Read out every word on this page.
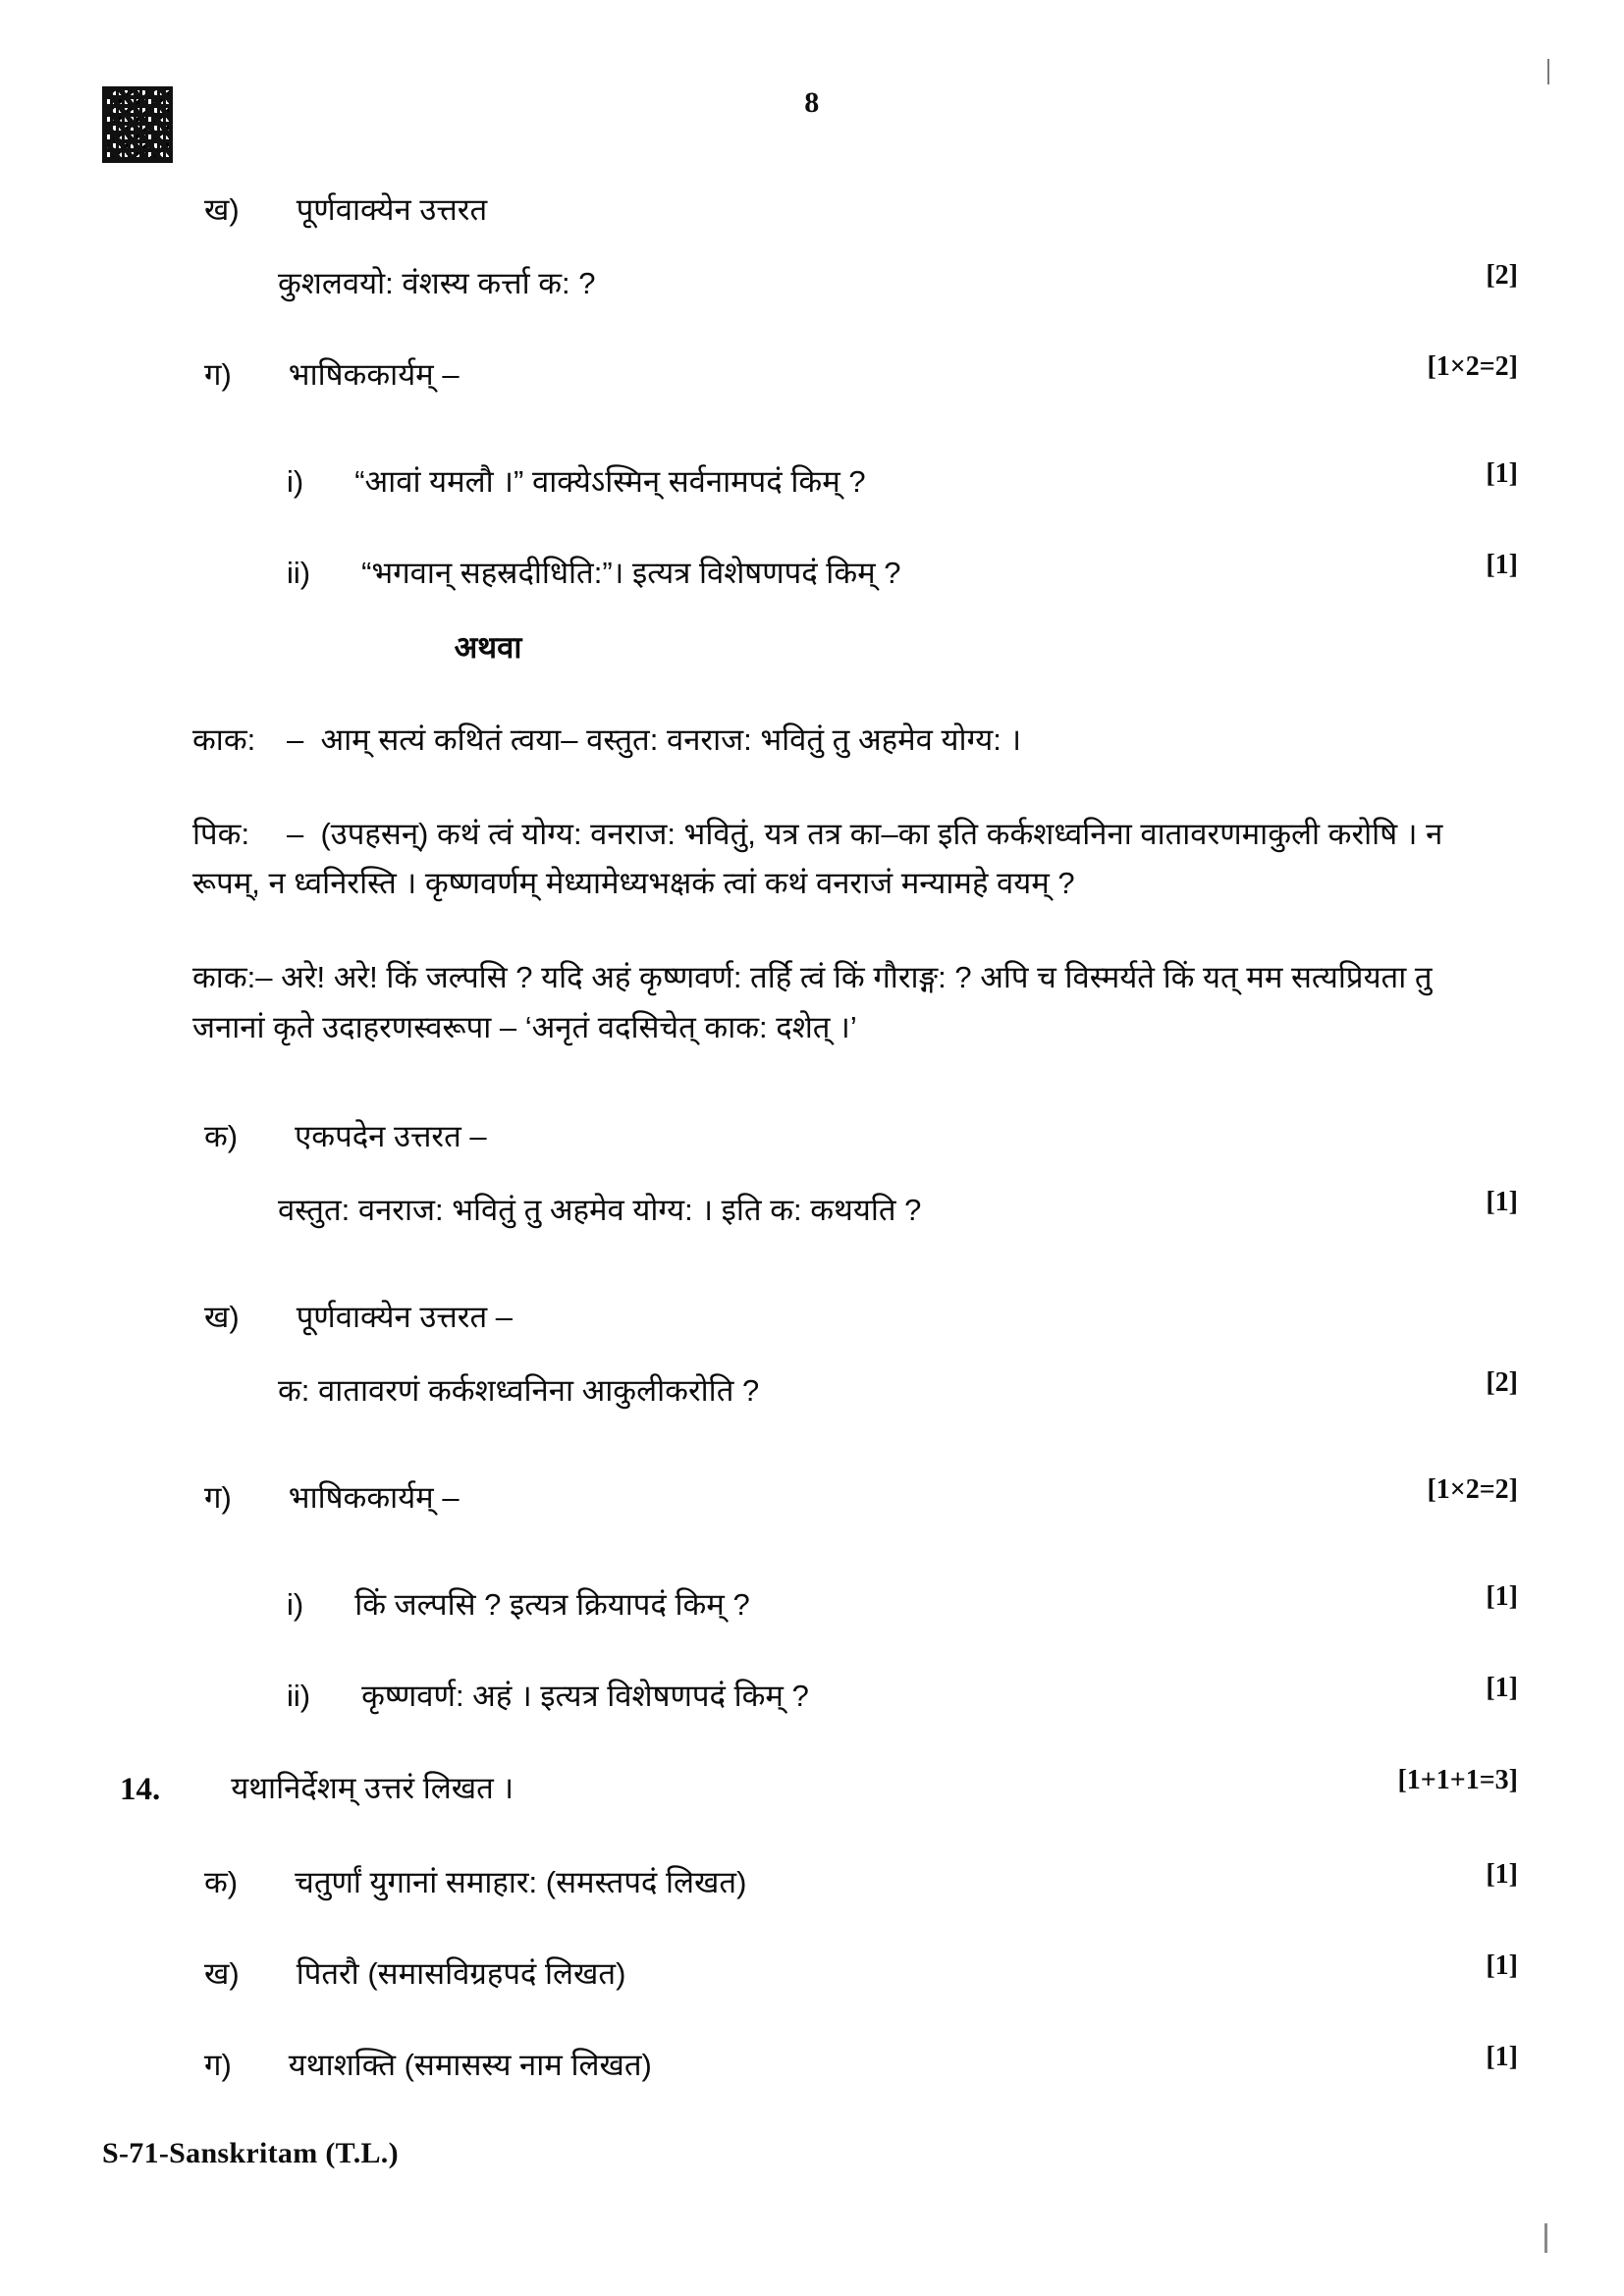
8
ख) पूर्णवाक्येन उत्तरत
कुशलवयो: वंशस्य कर्त्ता क: ?	[2]
ग) भाषिककार्यम् –	[1×2=2]
i) “आवां यमलौ ।” वाक्येऽस्मिन् सर्वनामपदं किम् ?	[1]
ii) “भगवान् सहस्रदीधिति:”। इत्यत्र विशेषणपदं किम् ?	[1]
अथवा
काक: – आम् सत्यं कथितं त्वया– वस्तुत: वनराज: भवितुं तु अहमेव योग्य: ।
पिक: – (उपहसन्) कथं त्वं योग्य: वनराज: भवितुं, यत्र तत्र का–का इति कर्कशध्वनिना वातावरणमाकुली करोषि । न रूपम्, न ध्वनिरस्ति । कृष्णवर्णम् मेध्यामेध्यभक्षकं त्वां कथं वनराजं मन्यामहे वयम् ?
काक:– अरे! अरे! किं जल्पसि ? यदि अहं कृष्णवर्ण: तर्हि त्वं किं गौराङ्ग: ? अपि च विस्मर्यते किं यत् मम सत्यप्रियता तु जनानां कृते उदाहरणस्वरूपा – ‘अनृतं वदसिचेत् काक: दशेत् ।’
क) एकपदेन उत्तरत –
वस्तुत: वनराज: भवितुं तु अहमेव योग्य: । इति क: कथयति ?	[1]
ख) पूर्णवाक्येन उत्तरत –
क: वातावरणं कर्कशध्वनिना आकुलीकरोति ?	[2]
ग) भाषिककार्यम् –	[1×2=2]
i) किं जल्पसि ? इत्यत्र क्रियापदं किम् ?	[1]
ii) कृष्णवर्ण: अहं । इत्यत्र विशेषणपदं किम् ?	[1]
14. यथानिर्देशम् उत्तरं लिखत ।	[1+1+1=3]
क) चतुर्णां युगानां समाहार: (समस्तपदं लिखत)	[1]
ख) पितरौ (समासविग्रहपदं लिखत)	[1]
ग) यथाशक्ति (समासस्य नाम लिखत)	[1]
S-71-Sanskritam (T.L.)
